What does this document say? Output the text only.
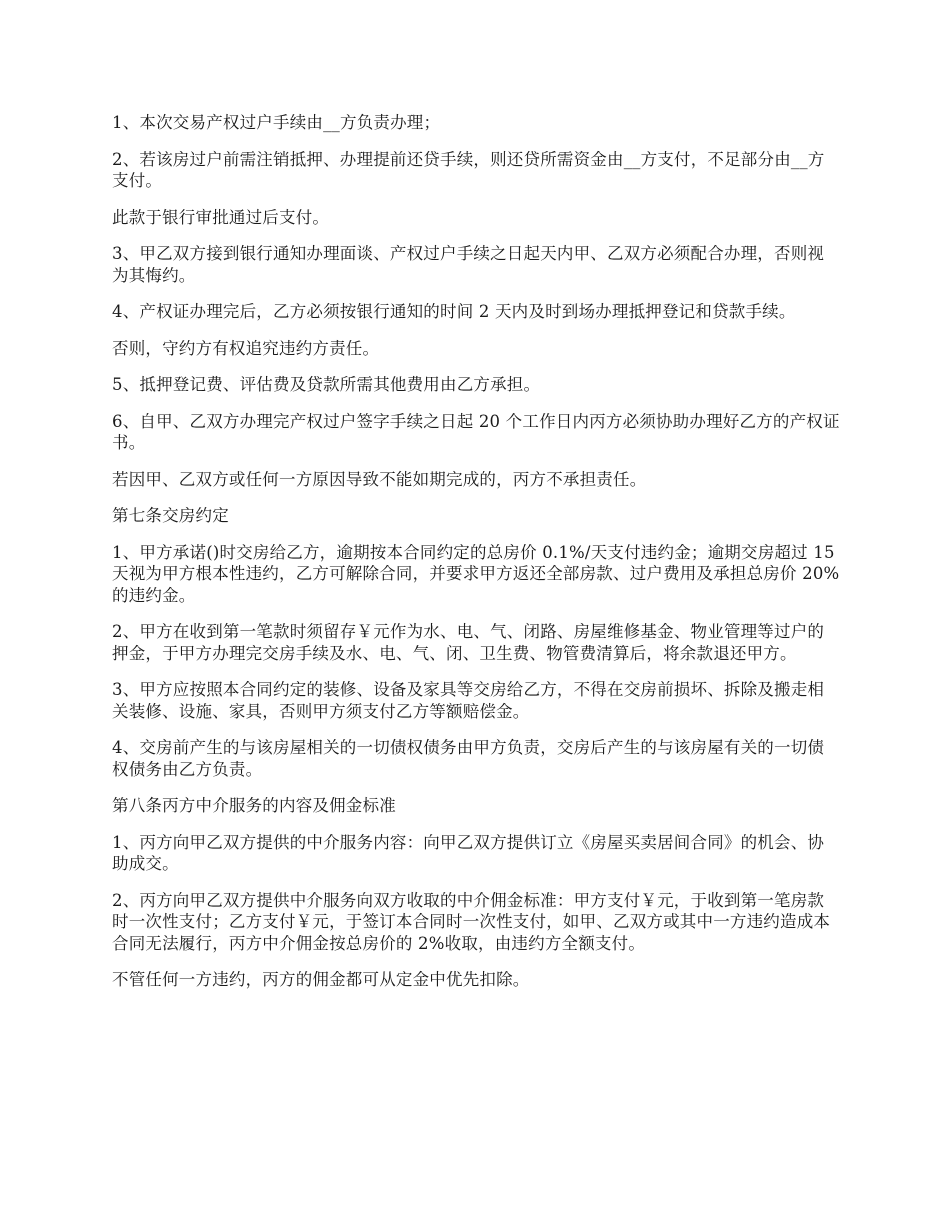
1、本次交易产权过户手续由__方负责办理；

2、若该房过户前需注销抵押、办理提前还贷手续，则还贷所需资金由__方支付，不足部分由__方支付。

此款于银行审批通过后支付。

3、甲乙双方接到银行通知办理面谈、产权过户手续之日起天内甲、乙双方必须配合办理，否则视为其悔约。

4、产权证办理完后，乙方必须按银行通知的时间 2 天内及时到场办理抵押登记和贷款手续。

否则，守约方有权追究违约方责任。

5、抵押登记费、评估费及贷款所需其他费用由乙方承担。

6、自甲、乙双方办理完产权过户签字手续之日起 20 个工作日内丙方必须协助办理好乙方的产权证书。

若因甲、乙双方或任何一方原因导致不能如期完成的，丙方不承担责任。

第七条交房约定

1、甲方承诺()时交房给乙方，逾期按本合同约定的总房价 0.1%/天支付违约金；逾期交房超过 15 天视为甲方根本性违约，乙方可解除合同，并要求甲方返还全部房款、过户费用及承担总房价 20%的违约金。

2、甲方在收到第一笔款时须留存￥元作为水、电、气、闭路、房屋维修基金、物业管理等过户的押金，于甲方办理完交房手续及水、电、气、闭、卫生费、物管费清算后，将余款退还甲方。

3、甲方应按照本合同约定的装修、设备及家具等交房给乙方，不得在交房前损坏、拆除及搬走相关装修、设施、家具，否则甲方须支付乙方等额赔偿金。

4、交房前产生的与该房屋相关的一切债权债务由甲方负责，交房后产生的与该房屋有关的一切债权债务由乙方负责。

第八条丙方中介服务的内容及佣金标准

1、丙方向甲乙双方提供的中介服务内容：向甲乙双方提供订立《房屋买卖居间合同》的机会、协助成交。

2、丙方向甲乙双方提供中介服务向双方收取的中介佣金标准：甲方支付￥元，于收到第一笔房款时一次性支付；乙方支付￥元，于签订本合同时一次性支付，如甲、乙双方或其中一方违约造成本合同无法履行，丙方中介佣金按总房价的 2%收取，由违约方全额支付。

不管任何一方违约，丙方的佣金都可从定金中优先扣除。
